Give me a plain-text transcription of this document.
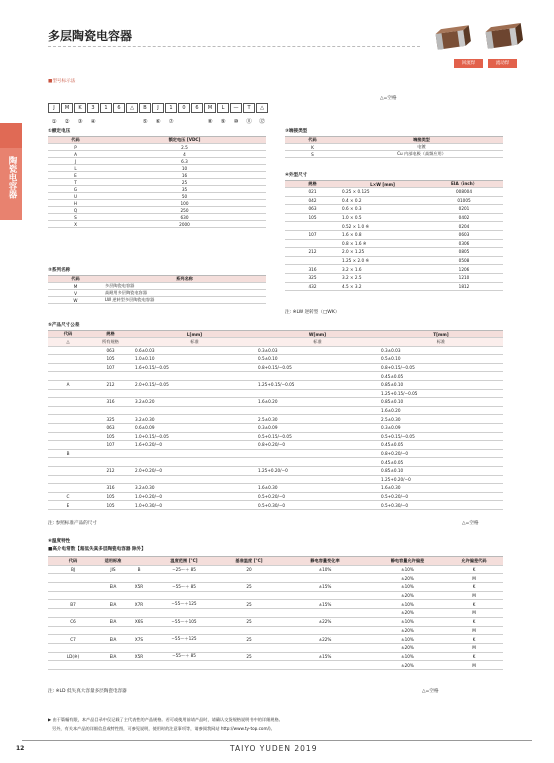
多层陶瓷电容器
回流焊	流动焊
陶瓷电容器
■型号标示法
J M K 3 1 6 △ B J 1 0 6 M L — T △
① ② ③ ④	⑤ ⑥ ⑦	⑧ ⑨ ⑩ ⑪ ⑫
△=空格
①额定电压
代码	额定电压 [VDC]
P	2.5
A	4
J	6.3
L	10
E	16
T	25
G	35
U	50
H	100
Q	250
S	630
X	2000
②系列名称
代码	系列名称
M	多层陶瓷电容器
V	高耐用多层陶瓷电容器
W	LW 逆转型多层陶瓷电容器
③端接类型
代码	端接类型
K	电镀
S	Cu 内部电极（高频应用）
④外型尺寸
规格	L×W [mm]	EIA（inch）
021	0.25 × 0.125	008004
042	0.4 × 0.2	01005
063	0.6 × 0.3	0201
105	1.0 × 0.5	0402
	0.52 × 1.0 ※	0204
107	1.6 × 0.8	0603
	0.8 × 1.6 ※	0306
212	2.0 × 1.25	0805
	1.25 × 2.0 ※	0508
316	3.2 × 1.6	1206
325	3.2 × 2.5	1210
432	4.5 × 3.2	1812
注: ※LW 逆转型（□WK）
⑤产品尺寸公差
代码	规格	L[mm]	W[mm]	T[mm]
△	所有规格	标准	标准	标准
	063	0.6±0.03	0.3±0.03	0.3±0.03
	105	1.0±0.10	0.5±0.10	0.5±0.10
	107	1.6+0.15/−0.05	0.8+0.15/−0.05	0.8+0.15/−0.05
				0.45±0.05
A	212	2.0+0.15/−0.05	1.25+0.15/−0.05	0.85±0.10
				1.25+0.15/−0.05
	316	3.2±0.20	1.6±0.20	0.85±0.10
				1.6±0.20
	325	3.2±0.30	2.5±0.30	2.5±0.30
	063	0.6±0.09	0.3±0.09	0.3±0.09
	105	1.0+0.15/−0.05	0.5+0.15/−0.05	0.5+0.15/−0.05
	107	1.6+0.20/−0	0.8+0.20/−0	0.45±0.05
B				0.8+0.20/−0
				0.45±0.05
	212	2.0+0.20/−0	1.25+0.20/−0	0.85±0.10
				1.25+0.20/−0
	316	3.2±0.30	1.6±0.30	1.6±0.30
C	105	1.0+0.20/−0	0.5+0.20/−0	0.5+0.20/−0
E	105	1.0+0.30/−0	0.5+0.30/−0	0.5+0.30/−0
注: 参照标准产品的尺寸	△=空格
⑥温度特性
■高介电常数【超低失真多层陶瓷电容器 除外】
代码	适用标准		温度范围 [°C]	基准温度 [°C]	静电容量变化率	静电容量允许偏差	允许偏差代码
BJ	JIS	B	−25～＋ 85	20	±10%	±10%	K
						±20%	M
	EIA	X5R	−55～＋ 85	25	±15%	±10%	K
						±20%	M
B7	EIA	X7R	−55～＋125	25	±15%	±10%	K
						±20%	M
C6	EIA	X6S	−55～＋105	25	±22%	±10%	K
						±20%	M
C7	EIA	X7S	−55～＋125	25	±22%	±10%	K
						±20%	M
LD(※)	EIA	X5R	−55～＋ 85	25	±15%	±10%	K
						±20%	M
注: ※LD 低失真大容量多层陶瓷电容器	△=空格
▶ 由于篇幅有限，本产品目录中仅记载了主代表性的产品规格。若可或使用前请产品时，请确认交货规格说明书中的详细规格。
另外，有关本产品的详细信息或特性图，可参见说明，使用时的注意事项等，请参阅我网站 http://www.ty-top.com/)。
12	TAIYO YUDEN 2019
